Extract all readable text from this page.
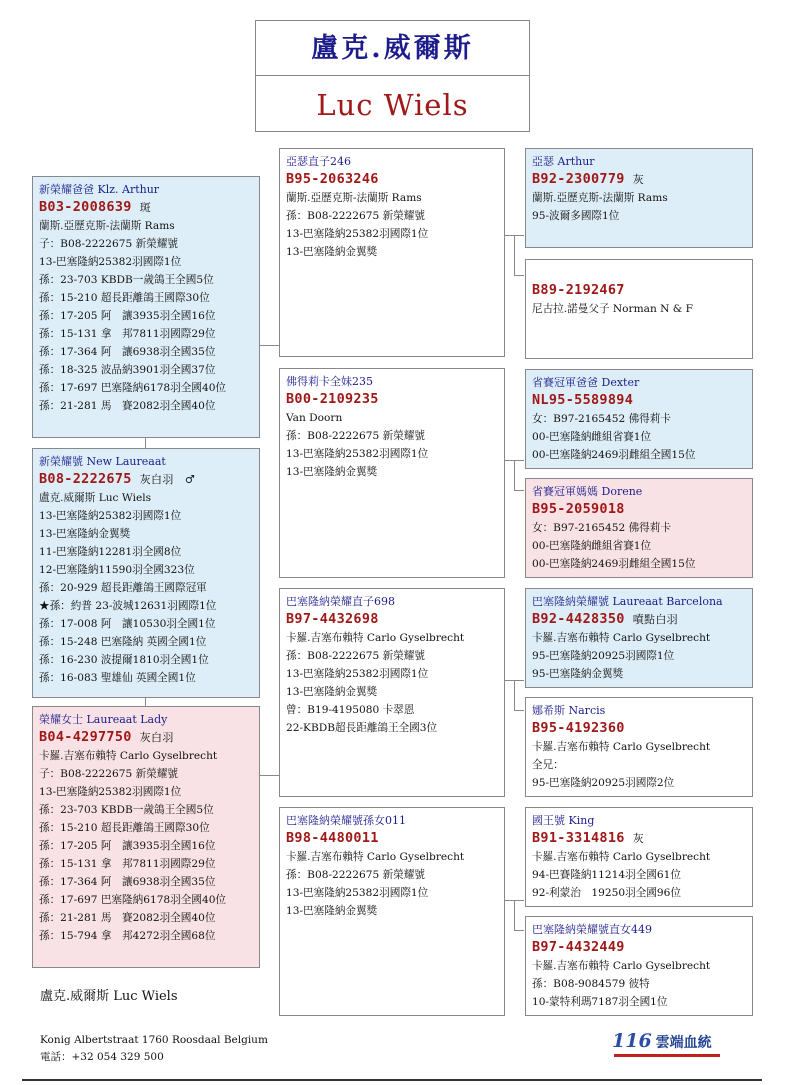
盧克.威爾斯
Luc Wiels
新榮耀爸爸 Klz. Arthur
B03-2008639 斑
蘭斯.亞歷克斯-法蘭斯 Rams
子：B08-2222675 新榮耀號
13-巴塞隆納25382羽國際1位
孫：23-703 KBDB一歲鴿王全國5位
孫：15-210 超長距離鴿王國際30位
孫：17-205 阿　讓3935羽全國16位
孫：15-131 拿　邦7811羽國際29位
孫：17-364 阿　讓6938羽全國35位
孫：18-325 波品納3901羽全國37位
孫：17-697 巴塞隆納6178羽全國40位
孫：21-281 馬　賽2082羽全國40位
新榮耀號 New Laureaat
B08-2222675 灰白羽　♂
盧克.威爾斯 Luc Wiels
13-巴塞隆納25382羽國際1位
13-巴塞隆納金翼獎
11-巴塞隆納12281羽全國8位
12-巴塞隆納11590羽全國323位
孫：20-929 超長距離鴿王國際冠軍
★孫：約普 23-波城12631羽國際1位
孫：17-008 阿　讓10530羽全國1位
孫：15-248 巴塞隆納 英國全國1位
孫：16-230 波提爾1810羽全國1位
孫：16-083 聖雄仙 英國全國1位
榮耀女士 Laureaat Lady
B04-4297750 灰白羽
卡羅.吉塞布賴特 Carlo Gyselbrecht
子：B08-2222675 新榮耀號
13-巴塞隆納25382羽國際1位
孫：23-703 KBDB一歲鴿王全國5位
孫：15-210 超長距離鴿王國際30位
孫：17-205 阿　讓3935羽全國16位
孫：15-131 拿　邦7811羽國際29位
孫：17-364 阿　讓6938羽全國35位
孫：17-697 巴塞隆納6178羽全國40位
孫：21-281 馬　賽2082羽全國40位
孫：15-794 拿　邦4272羽全國68位
亞瑟直子246
B95-2063246
蘭斯.亞歷克斯-法蘭斯 Rams
孫：B08-2222675 新榮耀號
13-巴塞隆納25382羽國際1位
13-巴塞隆納金翼獎
佛得莉卡全妹235
B00-2109235
Van Doorn
孫：B08-2222675 新榮耀號
13-巴塞隆納25382羽國際1位
13-巴塞隆納金翼獎
巴塞隆納榮耀直子698
B97-4432698
卡羅.吉塞布賴特 Carlo Gyselbrecht
孫：B08-2222675 新榮耀號
13-巴塞隆納25382羽國際1位
13-巴塞隆納金翼獎
曾：B19-4195080 卡翠恩
22-KBDB超長距離鴿王全國3位
巴塞隆納榮耀號孫女011
B98-4480011
卡羅.吉塞布賴特 Carlo Gyselbrecht
孫：B08-2222675 新榮耀號
13-巴塞隆納25382羽國際1位
13-巴塞隆納金翼獎
亞瑟 Arthur
B92-2300779 灰
蘭斯.亞歷克斯-法蘭斯 Rams
95-波爾多國際1位
B89-2192467
尼古拉.諾曼父子 Norman N & F
省賽冠軍爸爸 Dexter
NL95-5589894
女：B97-2165452 佛得莉卡
00-巴塞隆納雌組省賽1位
00-巴塞隆納2469羽雌組全國15位
省賽冠軍媽媽 Dorene
B95-2059018
女：B97-2165452 佛得莉卡
00-巴塞隆納雌組省賽1位
00-巴塞隆納2469羽雌組全國15位
巴塞隆納榮耀號 Laureaat Barcelona
B92-4428350 噴點白羽
卡羅.吉塞布賴特 Carlo Gyselbrecht
95-巴塞隆納20925羽國際1位
95-巴塞隆納金翼獎
娜希斯 Narcis
B95-4192360
卡羅.吉塞布賴特 Carlo Gyselbrecht
全兄：
95-巴塞隆納20925羽國際2位
國王號 King
B91-3314816 灰
卡羅.吉塞布賴特 Carlo Gyselbrecht
94-巴賽隆納11214羽全國61位
92-利蒙治　19250羽全國96位
巴塞隆納榮耀號直女449
B97-4432449
卡羅.吉塞布賴特 Carlo Gyselbrecht
孫：B08-9084579 彼特
10-蒙特利瑪7187羽全國1位
盧克.威爾斯 Luc Wiels
Konig Albertstraat 1760 Roosdaal Belgium
電話：+32 054 329 500
116 雲端血統
